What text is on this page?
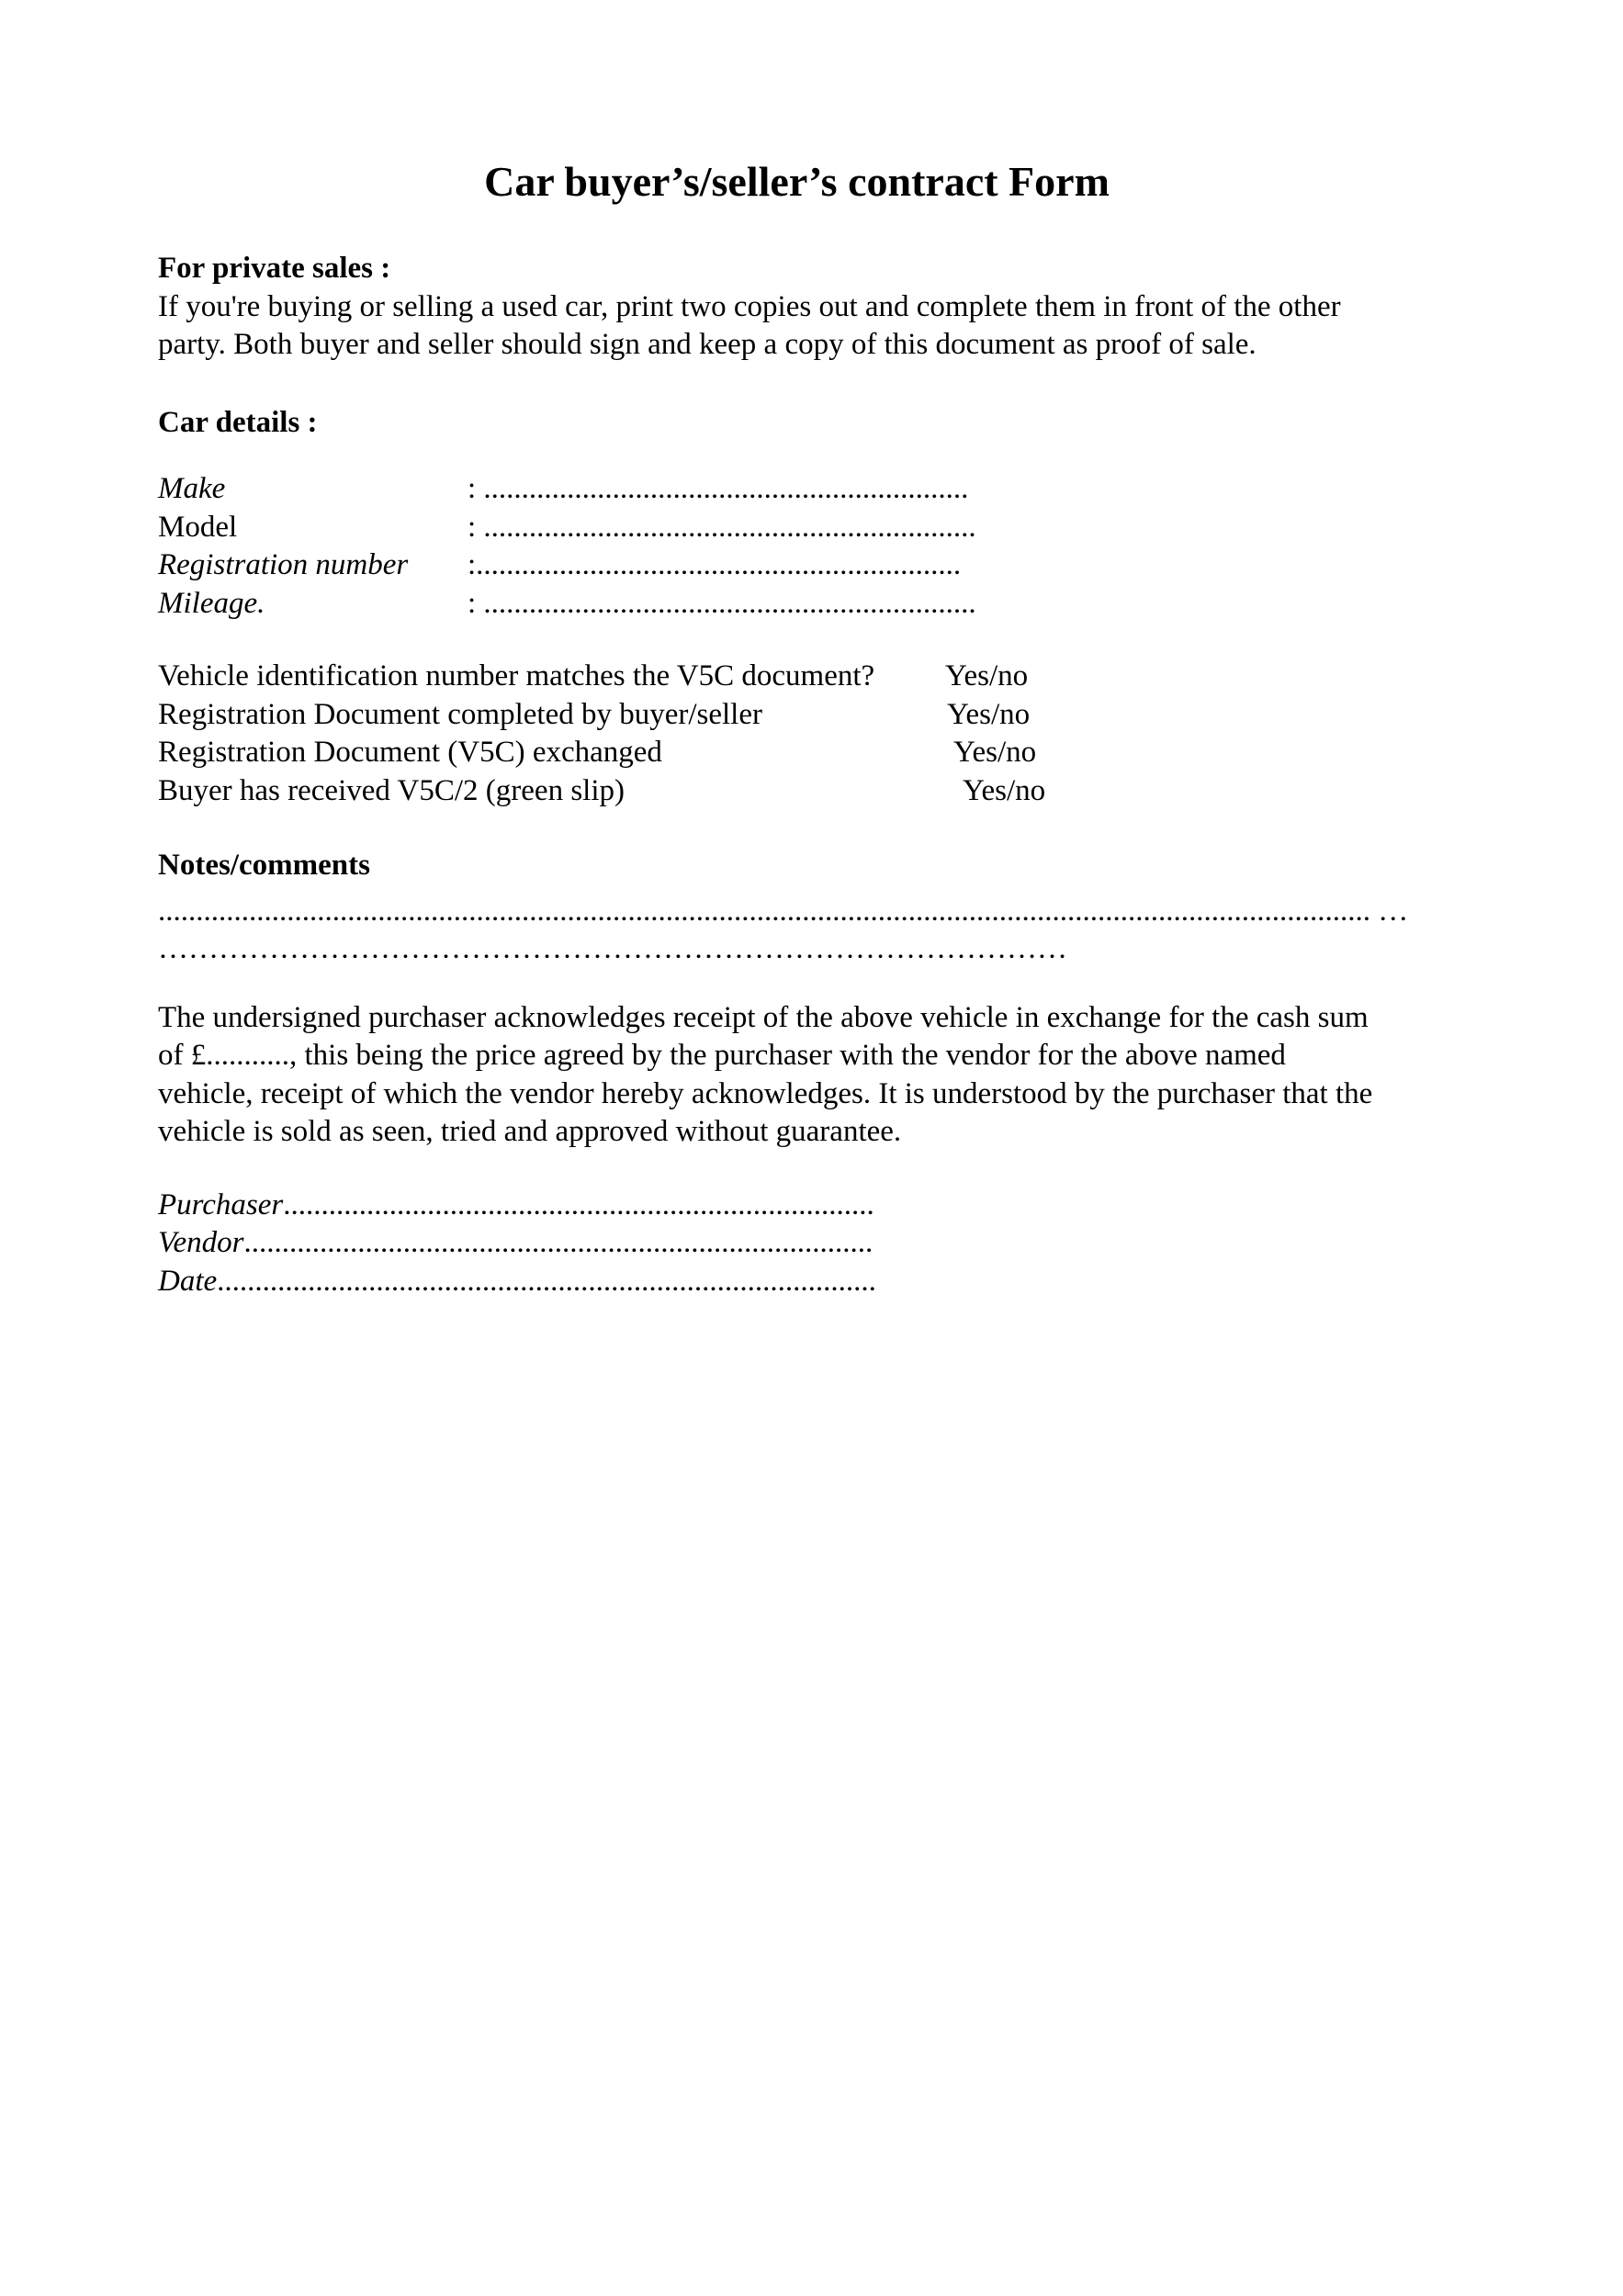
Car buyer’s/seller’s contract Form
For private sales :
If you're buying or selling a used car, print two copies out and complete them in front of the other
party. Both buyer and seller should sign and keep a copy of this document as proof of sale.
Car details :
Make	: ................................................................
Model	: .................................................................
Registration number	:................................................................
Mileage.	: .................................................................
Vehicle identification number matches the V5C document?	Yes/no
Registration Document completed by buyer/seller	Yes/no
Registration Document (V5C) exchanged	Yes/no
Buyer has received V5C/2 (green slip)	Yes/no
Notes/comments
................................................................................................................................................................ …
………………………………………………………………………………
The undersigned purchaser acknowledges receipt of the above vehicle in exchange for the cash sum
of £..........., this being the price agreed by the purchaser with the vendor for the above named
vehicle, receipt of which the vendor hereby acknowledges. It is understood by the purchaser that the
vehicle is sold as seen, tried and approved without guarantee.
Purchaser..............................................................................
Vendor...................................................................................
Date.......................................................................................
